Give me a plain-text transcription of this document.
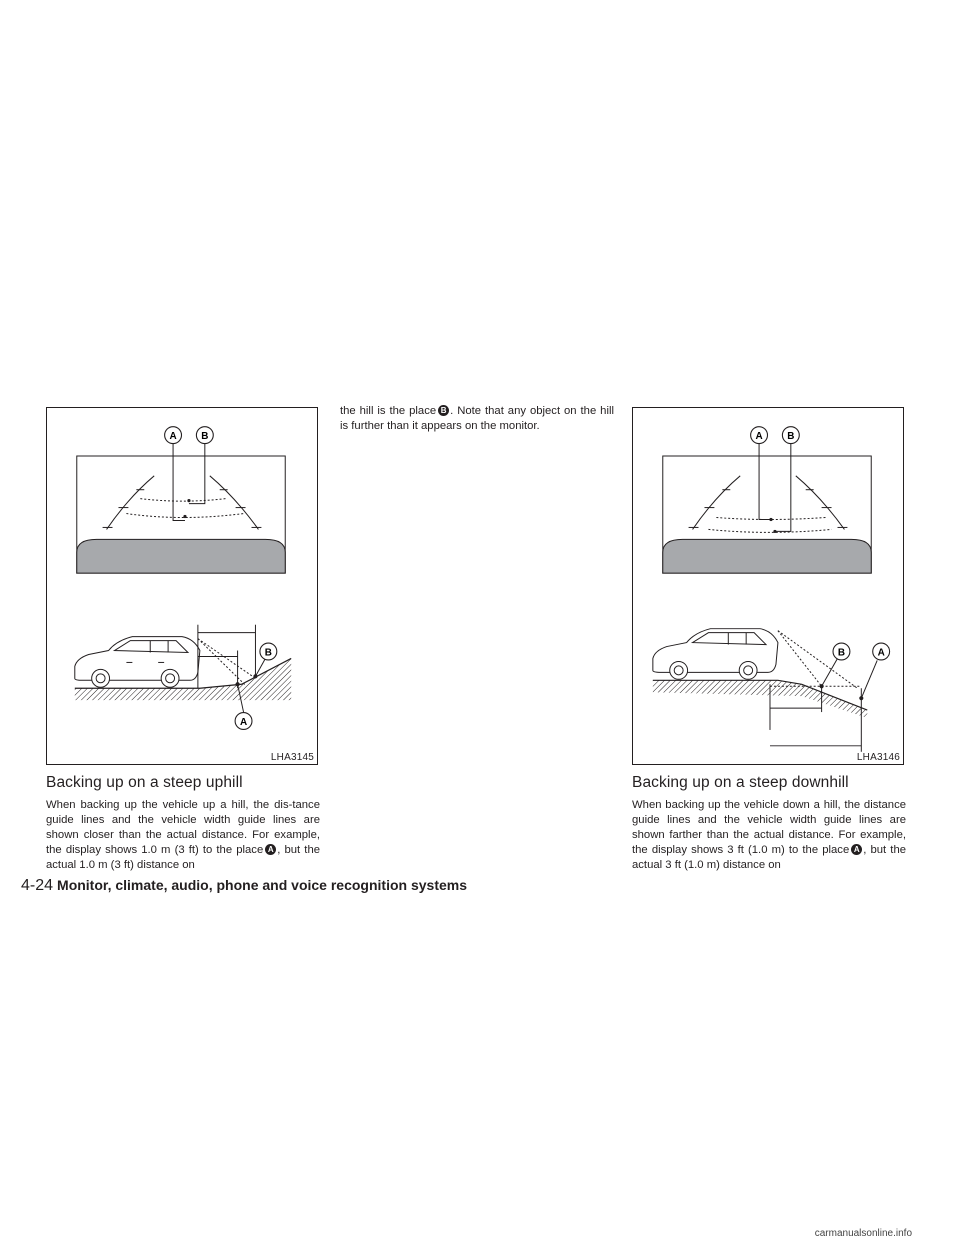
A B
A
B
LHA3145
A B
B	A
LHA3146
Backing up on a steep uphill

When backing up the vehicle up a hill, the dis-tance guide lines and the vehicle width guide lines are shown closer than the actual distance. For example, the display shows 1.0 m (3 ft) to the place A , but the actual 1.0 m (3 ft) distance on

the hill is the place B . Note that any object on the hill is further than it appears on the monitor.

Backing up on a steep downhill

When backing up the vehicle down a hill, the distance guide lines and the vehicle width guide lines are shown farther than the actual distance. For example, the display shows 3 ft (1.0 m) to the place A , but the actual 3 ft (1.0 m) distance on

4-24 Monitor, climate, audio, phone and voice recognition systems
carmanualsonline.info
